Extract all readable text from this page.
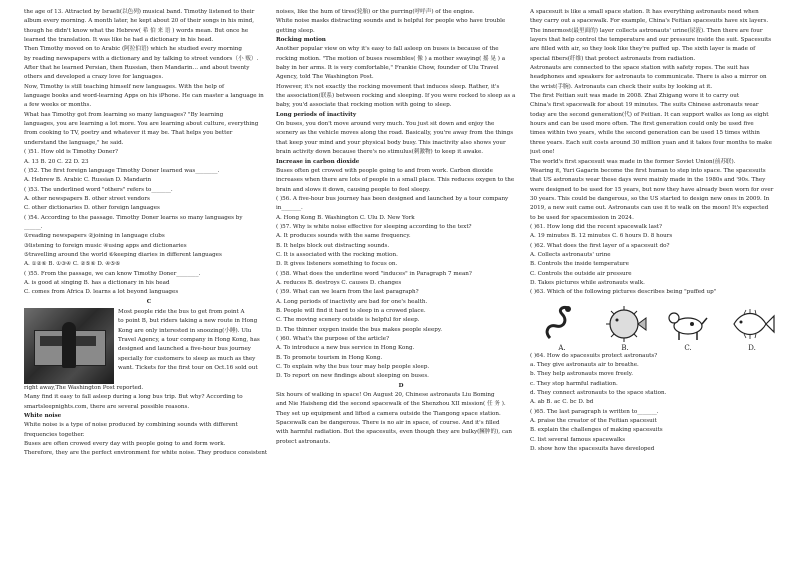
the age of 13. Attracted by Israeli(以色列) musical band. Timothy listened to their
album every morning. A month later, he kept about 20 of their songs in his mind,
though he didn't know what the Hebrew( 希 伯 来 语 ) words mean. But once he
learned the translation. It was like he had a dictionary in his head.
Then Timothy moved on to Arabic (阿拉伯语) which he studied every morning
by reading newspapers with a dictionary and by talking to street vendors（小 贩）.
After that he learned Persian, then Russian, then Mandarin… and about twenty
others and developed a crazy love for languages.
Now, Timothy is still teaching himself new languages. With the help of
language books and word-learning Apps on his iPhone. He can master a language in
a few weeks or months.
What has Timothy got from learning so many languages? "By learning
languages, you are learning a lot more. You are learning about culture, everything
from cooking to TV, poetry and whatever it may be. That helps you better
understand the language," he said.
( )51. How old is Timothy Doner?
A. 13 B. 20 C. 22 D. 23
( )52. The first foreign language Timothy Doner learned was________.
A. Hebrew B. Arabic C. Russian D. Mandarin
( )53. The underlined word "others" refers to_______.
A. other newspapers B. other street vendors
C. other dictionaries D. other foreign languages
( )54. According to the passage. Timothy Doner learns so many languages by
______.
①reading newspapers ②joining in language clubs
③listening to foreign music ④using apps and dictionaries
⑤travelling around the world ⑥keeping diaries in different languages
A. ①②⑥ B. ①③④ C. ②⑤⑥ D. ④⑤⑥
( )55. From the passage, we can know Timothy Doner________.
A. is good at singing B. has a dictionary in his head
C. comes from Africa D. learns a lot beyond languages
C
Most people ride the bus to get from point A
to point B, but riders taking a new route in Hong
Kong are only interested in snoozing(小睡). Ulu
Travel Agency, a tour company in Hong Kong, has
designed and launched a five-hour bus journey
specially for customers to sleep as much as they
want. Tickets for the first tour on Oct.16 sold out
right away,The Washington Post reported.
Many find it easy to fall asleep during a long bus trip. But why? According to
smartsleepnights.com, there are several possible reasons.
White noise
White noise is a type of noise produced by combining sounds with different
frequencies together.
Buses are often crowed every day with people going to and form work.
Therefore, they are the perfect environment for white noise. They produce consistent
noises, like the hum of tires(轮胎) or the purring(呼呼声) of the engine.
White noise masks distracting sounds and is helpful for people who have trouble
getting sleep.
Rocking motion
Another popular view on why it's easy to fall asleep on buses is because of the
rocking motion. "The motion of buses resembles( 像 ) a mother swaying( 摇 晃 ) a
baby in her arms. It is very comfortable," Frankie Chow, founder of Ulu Travel
Agency, told The Washington Post.
However, it's not exactly the rocking movement that induces sleep. Rather, it's
the association(联系) between rocking and sleeping. If you were rocked to sleep as a
baby, you'd associate that rocking motion with going to sleep.
Long periods of inactivity
On buses, you don't move around very much. You just sit down and enjoy the
scenery as the vehicle moves along the road. Basically, you're away from the things
that keep your mind and your physical body busy. This inactivity also shows your
brain activity down because there's no stimulus(刺激物) to keep it awake.
Increase in carbon dioxide
Buses often get crowed with people going to and from work. Carbon dioxide
increases when there are lots of people in a small place. This reduces oxygen to the
brain and slows it down, causing people to feel sleepy.
( )56. A five-hour bus journey has been designed and launched by a tour company
in_______.
A. Hong Kong B. Washington C. Ulu D. New York
( )57. Why is white noise effective for sleeping according to the text?
A. It produces sounds with the same frequency.
B. It helps block out distracting sounds.
C. It is associated with the rocking motion.
D. It gives listeners something to focus on.
( )58. What does the underline word "induces" in Paragraph 7 mean?
A. reduces B. destroys C. causes D. changes
( )59. What can we learn from the last paragraph?
A. Long periods of inactivity are bad for one's health.
B. People will find it hard to sleep in a crowed place.
C. The moving scenery outside is helpful for sleep.
D. The thinner oxygen inside the bus makes people sleepy.
( )60. What's the purpose of the article?
A. To introduce a new bus service in Hong Kong.
B. To promote tourism in Hong Kong.
C. To explain why the bus tour may help people sleep.
D. To report on new findings about sleeping on buses.
D
Six hours of walking in space! On August 20, Chinese astronauts Liu Boming
and Nie Haisheng did the second spacewalk of the Shenzhou XII mission( 任 务 ).
They set up equipment and lifted a camera outside the Tiangong space station.
Spacewalk can be dangerous. There is no air in space, of course. And it's filled
with harmful radiation. But the spacesuits, even though they are bulky(臃肿的), can
protect astronauts.
A spacesuit is like a small space station. It has everything astronauts need when
they carry out a spacewalk. For example, China's Feitian spacesuits have six layers.
The innermost(最里面的) layer collects astronauts' urine(尿液). Then there are four
layers that help control the temperature and our pressure inside the suit. Spacesuits
are filled with air, so they look like they're puffed up. The sixth layer is made of
special fibers(纤维) that protect astronauts from radiation.
Astronauts are connected to the space station with safety ropes. The suit has
headphones and speakers for astronauts to communicate. There is also a mirror on
the wrist(手腕). Astronauts can check their suits by looking at it.
The first Feitian suit was made in 2008. Zhai Zhigang wore it to carry out
China's first spacewalk for about 19 minutes. The suits Chinese astronauts wear
today are the second generation(代) of Feitian. It can support walks as long as eight
hours and can be used more often. The first generation could only be used five
times within two years, while the second generation can be used 15 times within
three years. Each suit costs around 30 million yuan and it takes four months to make
just one!
The world's first spacesuit was made in the former Soviet Union(前苏联).
Wearing it, Yuri Gagarin become the first human to step into space. The spacesuits
that US astronauts wear these days were mainly made in the 1980s and '90s. They
were designed to be used for 15 years, but now they have already been worn for over
30 years. This could be dangerous, so the US started to design new ones in 2009. In
2019, a new suit came out. Astronauts can use it to walk on the moon! It's expected
to be used for spacemission in 2024.
( )61. How long did the recent spacewalk last?
A. 19 minutes B. 12 minutes C. 6 hours D. 8 hours
( )62. What does the first layer of a spacesuit do?
A. Collects astronauts' urine
B. Controls the inside temperature
C. Controls the outside air pressure
D. Takes pictures while astronauts walk.
( )63. Which of the following pictures describes being "puffed up"
A.	B.	C.	D.
( )64. How do spacesuits protect astronauts?
a. They give astronauts air to breathe.
b. They help astronauts move freely.
c. They stop harmful radiation.
d. They connect astronauts to the space station.
A. ab B. ac C. bc D. bd
( )65. The last paragraph is written to_______.
A. praise the creator of the Feitian spacesuit
B. explain the challenges of making spacesuits
C. list several famous spacewalks
D. show how the spacesuits have developed
